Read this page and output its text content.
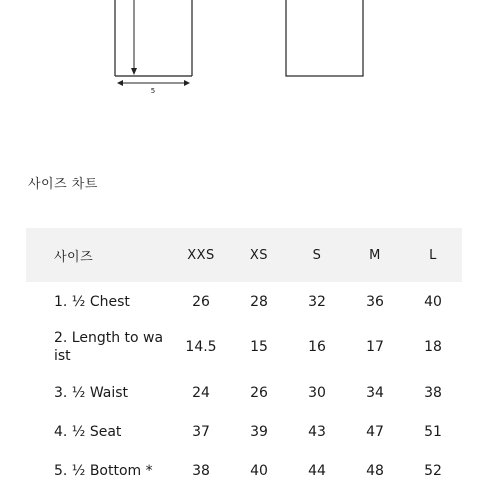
5
사이즈 차트
사이즈	XXS	XS	S	M	L
1. ½ Chest	26	28	32	36	40
2. Length to wa ist	14.5	15	16	17	18
3. ½ Waist	24	26	30	34	38
4. ½ Seat	37	39	43	47	51
5. ½ Bottom *	38	40	44	48	52
